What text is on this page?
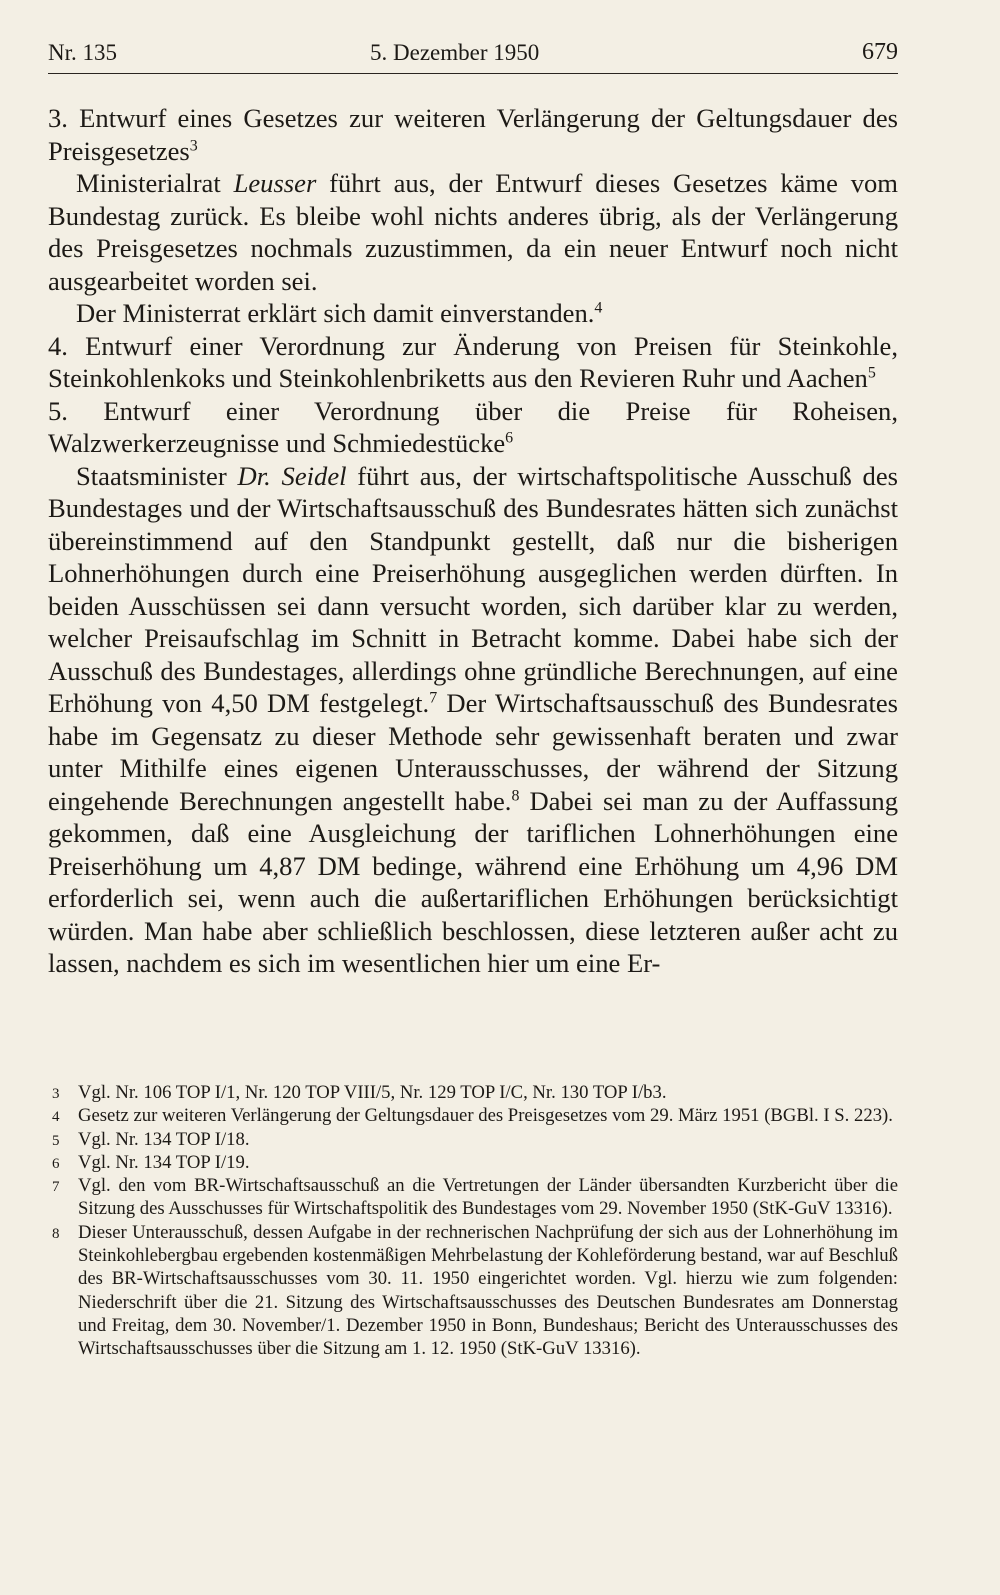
Nr. 135	5. Dezember 1950	679

3. Entwurf eines Gesetzes zur weiteren Verlängerung der Geltungsdauer des Preisgesetzes$^3$

Ministerialrat Leusser führt aus, der Entwurf dieses Gesetzes käme vom Bundestag zurück. Es bleibe wohl nichts anderes übrig, als der Verlängerung des Preisgesetzes nochmals zuzustimmen, da ein neuer Entwurf noch nicht ausgearbeitet worden sei.

Der Ministerrat erklärt sich damit einverstanden.$^4$

4. Entwurf einer Verordnung zur Änderung von Preisen für Steinkohle, Steinkohlenkoks und Steinkohlenbriketts aus den Revieren Ruhr und Aachen$^5$

5. Entwurf einer Verordnung über die Preise für Roheisen, Walzwerkerzeugnisse und Schmiedestücke$^6$

Staatsminister Dr. Seidel führt aus, der wirtschaftspolitische Ausschuß des Bundestages und der Wirtschaftsausschuß des Bundesrates hätten sich zunächst übereinstimmend auf den Standpunkt gestellt, daß nur die bisherigen Lohnerhöhungen durch eine Preiserhöhung ausgeglichen werden dürften. In beiden Ausschüssen sei dann versucht worden, sich darüber klar zu werden, welcher Preisaufschlag im Schnitt in Betracht komme. Dabei habe sich der Ausschuß des Bundestages, allerdings ohne gründliche Berechnungen, auf eine Erhöhung von 4,50 DM festgelegt.$^7$ Der Wirtschaftsausschuß des Bundesrates habe im Gegensatz zu dieser Methode sehr gewissenhaft beraten und zwar unter Mithilfe eines eigenen Unterausschusses, der während der Sitzung eingehende Berechnungen angestellt habe.$^8$ Dabei sei man zu der Auffassung gekommen, daß eine Ausgleichung der tariflichen Lohnerhöhungen eine Preiserhöhung um 4,87 DM bedinge, während eine Erhöhung um 4,96 DM erforderlich sei, wenn auch die außertariflichen Erhöhungen berücksichtigt würden. Man habe aber schließlich beschlossen, diese letzteren außer acht zu lassen, nachdem es sich im wesentlichen hier um eine Er-

3 Vgl. Nr. 106 TOP I/1, Nr. 120 TOP VIII/5, Nr. 129 TOP I/C, Nr. 130 TOP I/b3.
4 Gesetz zur weiteren Verlängerung der Geltungsdauer des Preisgesetzes vom 29. März 1951 (BGBl. I S. 223).
5 Vgl. Nr. 134 TOP I/18.
6 Vgl. Nr. 134 TOP I/19.
7 Vgl. den vom BR-Wirtschaftsausschuß an die Vertretungen der Länder übersandten Kurzbericht über die Sitzung des Ausschusses für Wirtschaftspolitik des Bundestages vom 29. November 1950 (StK-GuV 13316).
8 Dieser Unterausschuß, dessen Aufgabe in der rechnerischen Nachprüfung der sich aus der Lohnerhöhung im Steinkohlebergbau ergebenden kostenmäßigen Mehrbelastung der Kohleförderung bestand, war auf Beschluß des BR-Wirtschaftsausschusses vom 30. 11. 1950 eingerichtet worden. Vgl. hierzu wie zum folgenden: Niederschrift über die 21. Sitzung des Wirtschaftsausschusses des Deutschen Bundesrates am Donnerstag und Freitag, dem 30. November/1. Dezember 1950 in Bonn, Bundeshaus; Bericht des Unterausschusses des Wirtschaftsausschusses über die Sitzung am 1. 12. 1950 (StK-GuV 13316).
